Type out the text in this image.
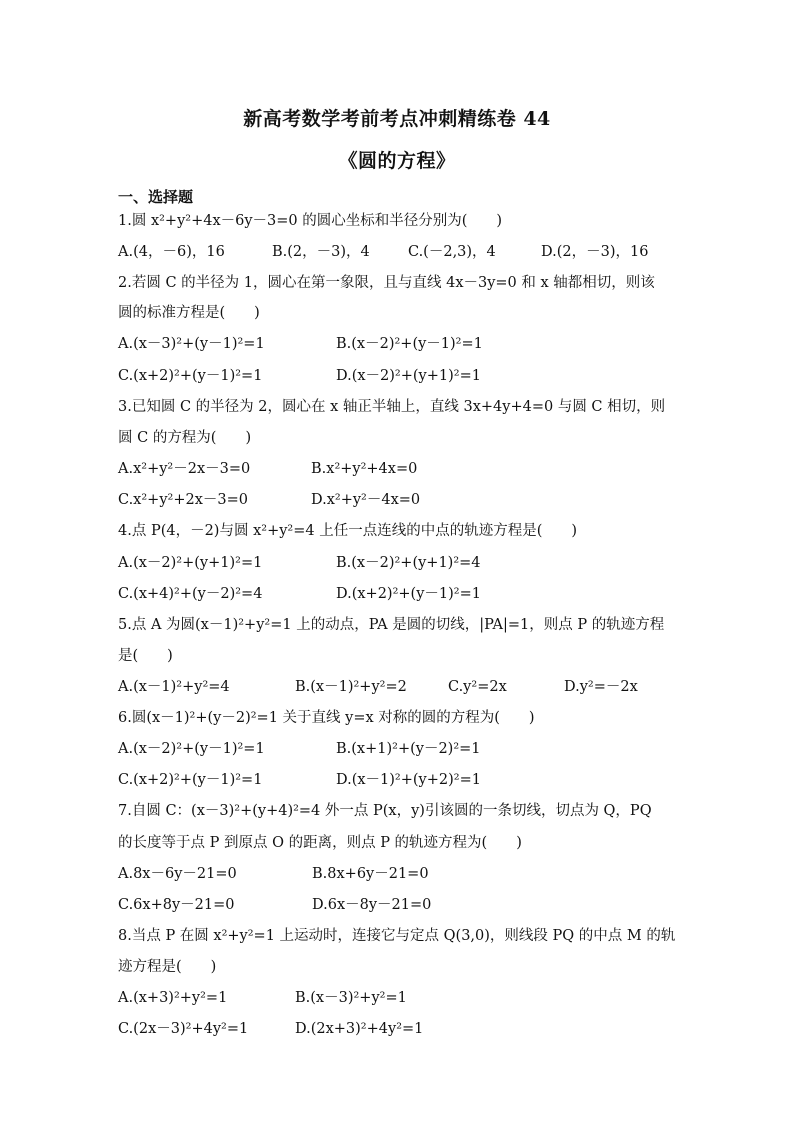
新高考数学考前考点冲刺精练卷 44
《圆的方程》
一、选择题
1.圆 x²+y²+4x－6y－3=0 的圆心坐标和半径分别为(　　)
A.(4，－6)，16	B.(2，－3)，4	C.(－2,3)，4	D.(2，－3)，16
2.若圆 C 的半径为 1，圆心在第一象限，且与直线 4x－3y=0 和 x 轴都相切，则该
圆的标准方程是(　　)
A.(x－3)²+(y－1)²=1	B.(x－2)²+(y－1)²=1
C.(x+2)²+(y－1)²=1	D.(x－2)²+(y+1)²=1
3.已知圆 C 的半径为 2，圆心在 x 轴正半轴上，直线 3x+4y+4=0 与圆 C 相切，则
圆 C 的方程为(　　)
A.x²+y²－2x－3=0	B.x²+y²+4x=0
C.x²+y²+2x－3=0	D.x²+y²－4x=0
4.点 P(4，－2)与圆 x²+y²=4 上任一点连线的中点的轨迹方程是(　　)
A.(x－2)²+(y+1)²=1	B.(x－2)²+(y+1)²=4
C.(x+4)²+(y－2)²=4	D.(x+2)²+(y－1)²=1
5.点 A 为圆(x－1)²+y²=1 上的动点，PA 是圆的切线，|PA|=1，则点 P 的轨迹方程
是(　　)
A.(x－1)²+y²=4	B.(x－1)²+y²=2	C.y²=2x	D.y²=－2x
6.圆(x－1)²+(y－2)²=1 关于直线 y=x 对称的圆的方程为(　　)
A.(x－2)²+(y－1)²=1	B.(x+1)²+(y－2)²=1
C.(x+2)²+(y－1)²=1	D.(x－1)²+(y+2)²=1
7.自圆 C：(x－3)²+(y+4)²=4 外一点 P(x，y)引该圆的一条切线，切点为 Q，PQ
的长度等于点 P 到原点 O 的距离，则点 P 的轨迹方程为(　　)
A.8x－6y－21=0	B.8x+6y－21=0
C.6x+8y－21=0	D.6x－8y－21=0
8.当点 P 在圆 x²+y²=1 上运动时，连接它与定点 Q(3,0)，则线段 PQ 的中点 M 的轨
迹方程是(　　)
A.(x+3)²+y²=1	B.(x－3)²+y²=1
C.(2x－3)²+4y²=1	D.(2x+3)²+4y²=1
